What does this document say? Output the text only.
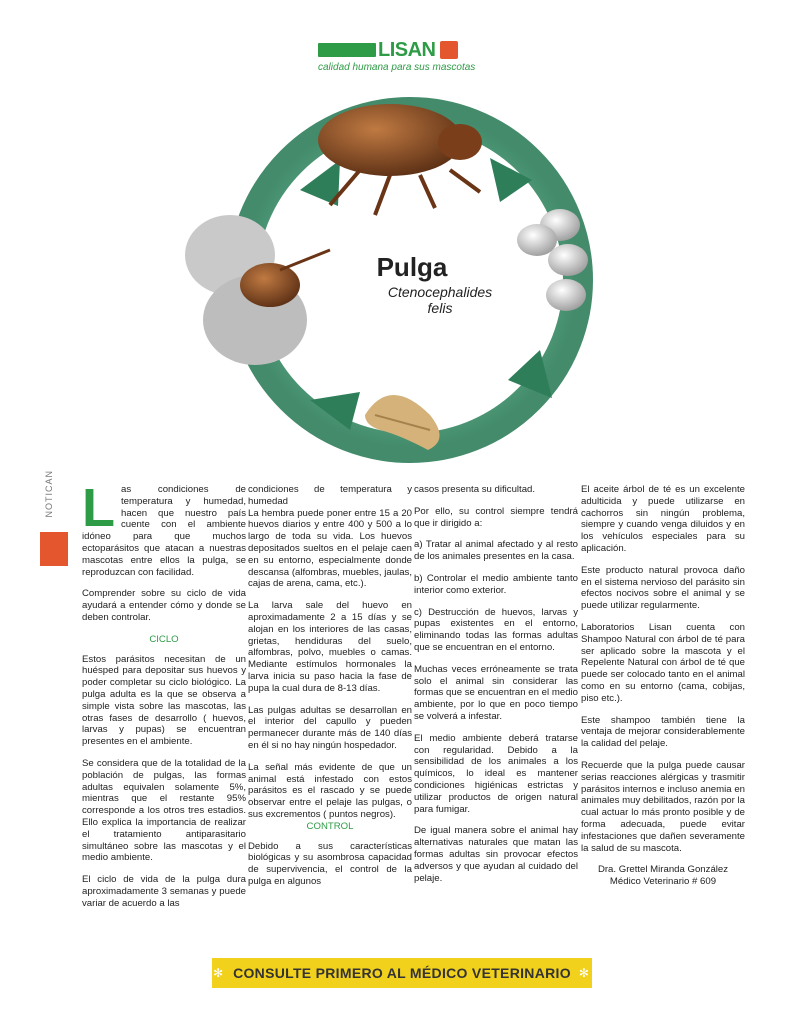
LISAN
calidad humana para sus mascotas
Pulga
Ctenocephalides felis
NOTICAN
8

Las condiciones de temperatura y humedad, hacen que nuestro país cuente con el ambiente idóneo para que muchos ectoparásitos que atacan a nuestras mascotas entre ellos la pulga, se reproduzcan con facilidad.

Comprender sobre su ciclo de vida ayudará a entender cómo y donde se deben controlar.

CICLO

Estos parásitos necesitan de un huésped para depositar sus huevos y poder completar su ciclo biológico. La pulga adulta es la que se observa a simple vista sobre las mascotas, las otras fases de desarrollo ( huevos, larvas y pupas) se encuentran presentes en el ambiente.

Se considera que de la totalidad de la población de pulgas, las formas adultas equivalen solamente 5%, mientras que el restante 95% corresponde a los otros tres estadios. Ello explica la importancia de realizar el tratamiento antiparasitario simultáneo sobre las mascotas y el medio ambiente.

El ciclo de vida de la pulga dura aproximadamente 3 semanas y puede variar de acuerdo a las

condiciones de temperatura y humedad
La hembra puede poner entre 15 a 20 huevos diarios y entre 400 y 500 a lo largo de toda su vida. Los huevos depositados sueltos en el pelaje caen en su entorno, especialmente donde descansa (alfombras, muebles, jaulas, cajas de arena, cama, etc.).

La larva sale del huevo en aproximadamente 2 a 15 días y se alojan en los interiores de las casas, grietas, hendiduras del suelo, alfombras, polvo, muebles o camas. Mediante estímulos hormonales la larva inicia su paso hacia la fase de pupa la cual dura de 8-13 días.

Las pulgas adultas se desarrollan en el interior del capullo y pueden permanecer durante más de 140 días en él si no hay ningún hospedador.

La señal más evidente de que un animal está infestado con estos parásitos es el rascado y se puede observar entre el pelaje las pulgas, o sus excrementos ( puntos negros).

CONTROL

Debido a sus características biológicas y su asombrosa capacidad de supervivencia, el control de la pulga en algunos

casos presenta su dificultad.

Por ello, su control siempre tendrá que ir dirigido a:

a) Tratar al animal afectado y al resto de los animales presentes en la casa.

b) Controlar el medio ambiente tanto interior como exterior.

c) Destrucción de huevos, larvas y pupas existentes en el entorno, eliminando todas las formas adultas que se encuentran en el entorno.

Muchas veces erróneamente se trata solo el animal sin considerar las formas que se encuentran en el medio ambiente, por lo que en poco tiempo se volverá a infestar.

El medio ambiente deberá tratarse con regularidad. Debido a la sensibilidad de los animales a los químicos, lo ideal es mantener condiciones higiénicas estrictas y utilizar productos de origen natural para fumigar.

De igual manera sobre el animal hay alternativas naturales que matan las formas adultas sin provocar efectos adversos y que ayudan al cuidado del pelaje.

El aceite árbol de té es un excelente adulticida y puede utilizarse en cachorros sin ningún problema, siempre y cuando venga diluidos y en los vehículos especiales para su aplicación.

Este producto natural provoca daño en el sistema nervioso del parásito sin efectos nocivos sobre el animal y se puede utilizar regularmente.

Laboratorios Lisan cuenta con Shampoo Natural con árbol de té para ser aplicado sobre la mascota y el Repelente Natural con árbol de té que puede ser colocado tanto en el animal como en su entorno (cama, cobijas, piso etc.).

Este shampoo también tiene la ventaja de mejorar considerablemente la calidad del pelaje.

Recuerde que la pulga puede causar serias reacciones alérgicas y trasmitir parásitos internos e incluso anemia en animales muy debilitados, razón por la cual actuar lo más pronto posible y de forma adecuada, puede evitar infestaciones que dañen severamente la salud de su mascota.

Dra. Grettel Miranda González
Médico Veterinario # 609
✻ CONSULTE PRIMERO AL MÉDICO VETERINARIO ✻
